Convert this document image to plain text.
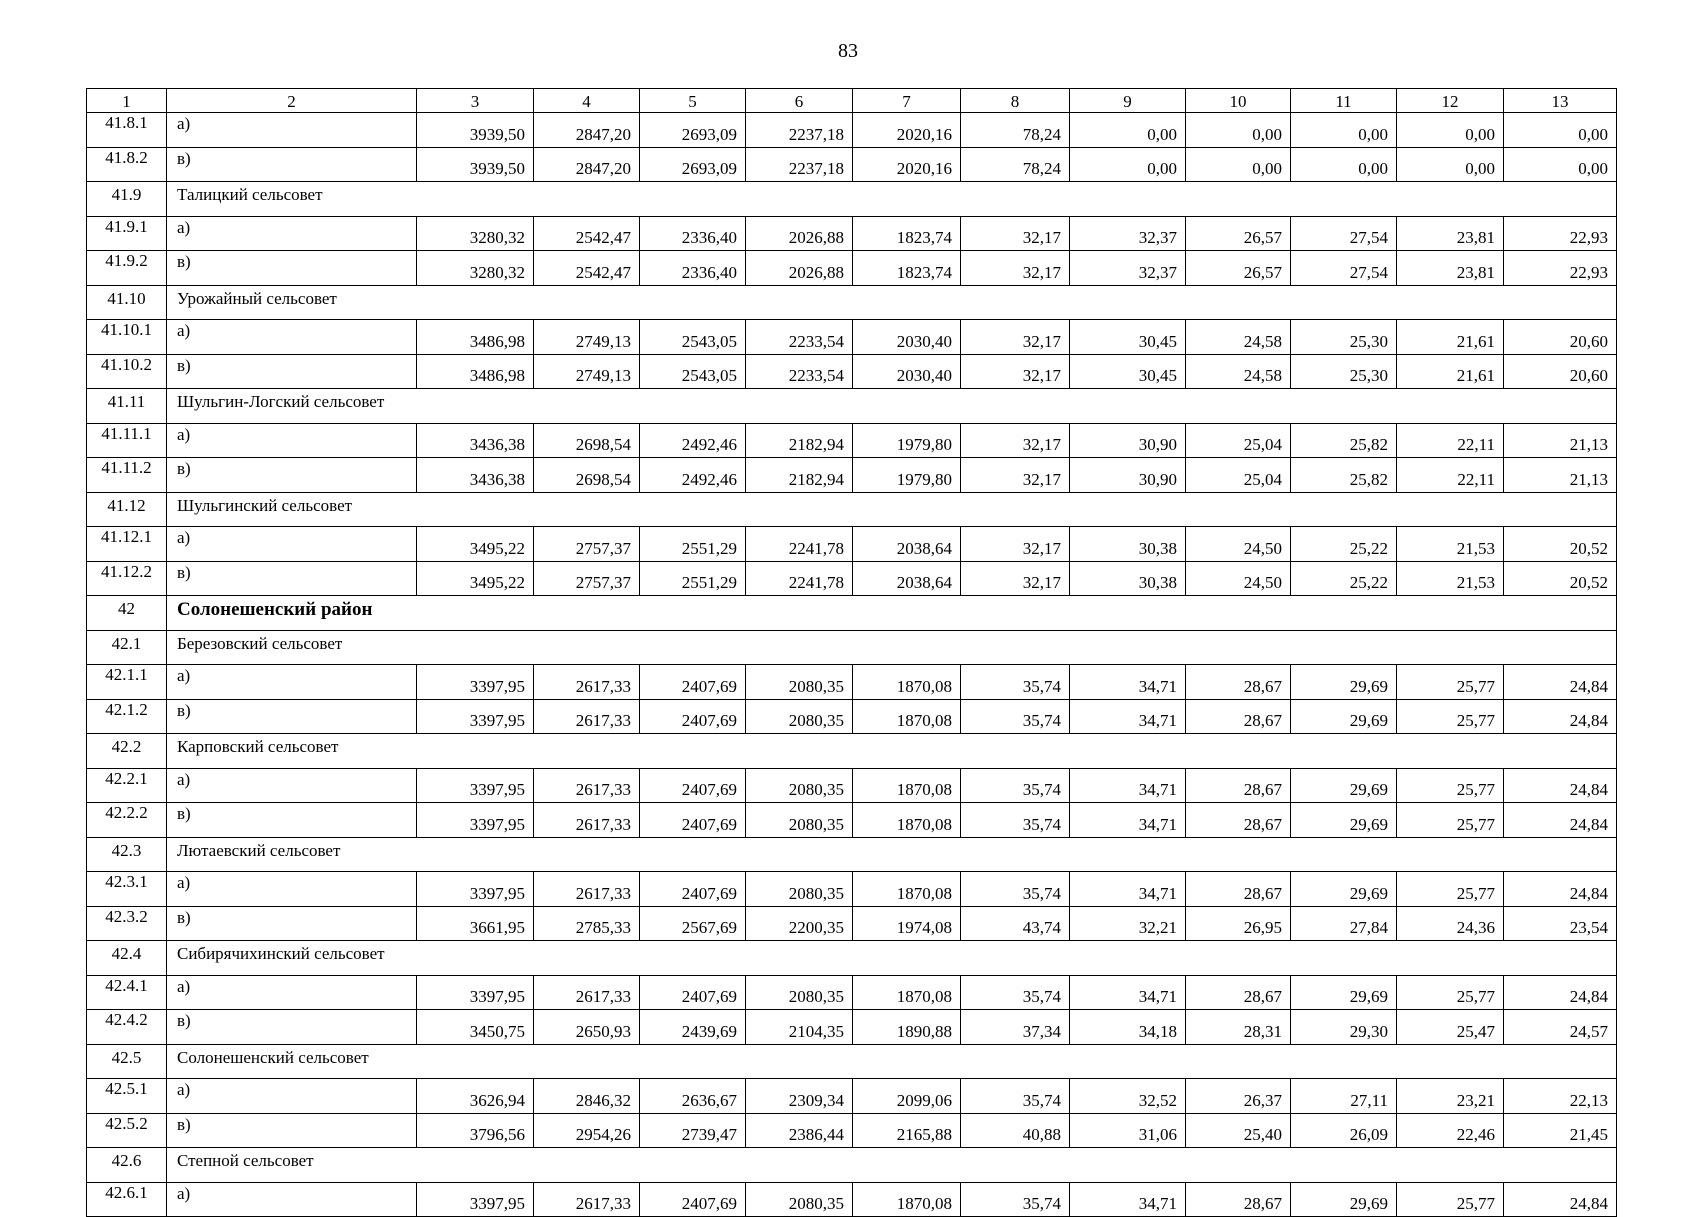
83
1	2	3	4	5	6	7	8	9	10	11	12	13
41.8.1	а)	3939,50	2847,20	2693,09	2237,18	2020,16	78,24	0,00	0,00	0,00	0,00	0,00
41.8.2	в)	3939,50	2847,20	2693,09	2237,18	2020,16	78,24	0,00	0,00	0,00	0,00	0,00
41.9	Талицкий сельсовет											
41.9.1	а)	3280,32	2542,47	2336,40	2026,88	1823,74	32,17	32,37	26,57	27,54	23,81	22,93
41.9.2	в)	3280,32	2542,47	2336,40	2026,88	1823,74	32,17	32,37	26,57	27,54	23,81	22,93
41.10	Урожайный сельсовет											
41.10.1	а)	3486,98	2749,13	2543,05	2233,54	2030,40	32,17	30,45	24,58	25,30	21,61	20,60
41.10.2	в)	3486,98	2749,13	2543,05	2233,54	2030,40	32,17	30,45	24,58	25,30	21,61	20,60
41.11	Шульгин-Логский сельсовет											
41.11.1	а)	3436,38	2698,54	2492,46	2182,94	1979,80	32,17	30,90	25,04	25,82	22,11	21,13
41.11.2	в)	3436,38	2698,54	2492,46	2182,94	1979,80	32,17	30,90	25,04	25,82	22,11	21,13
41.12	Шульгинский сельсовет											
41.12.1	а)	3495,22	2757,37	2551,29	2241,78	2038,64	32,17	30,38	24,50	25,22	21,53	20,52
41.12.2	в)	3495,22	2757,37	2551,29	2241,78	2038,64	32,17	30,38	24,50	25,22	21,53	20,52
42	Солонешенский район											
42.1	Березовский сельсовет											
42.1.1	а)	3397,95	2617,33	2407,69	2080,35	1870,08	35,74	34,71	28,67	29,69	25,77	24,84
42.1.2	в)	3397,95	2617,33	2407,69	2080,35	1870,08	35,74	34,71	28,67	29,69	25,77	24,84
42.2	Карповский сельсовет											
42.2.1	а)	3397,95	2617,33	2407,69	2080,35	1870,08	35,74	34,71	28,67	29,69	25,77	24,84
42.2.2	в)	3397,95	2617,33	2407,69	2080,35	1870,08	35,74	34,71	28,67	29,69	25,77	24,84
42.3	Лютаевский сельсовет											
42.3.1	а)	3397,95	2617,33	2407,69	2080,35	1870,08	35,74	34,71	28,67	29,69	25,77	24,84
42.3.2	в)	3661,95	2785,33	2567,69	2200,35	1974,08	43,74	32,21	26,95	27,84	24,36	23,54
42.4	Сибирячихинский сельсовет											
42.4.1	а)	3397,95	2617,33	2407,69	2080,35	1870,08	35,74	34,71	28,67	29,69	25,77	24,84
42.4.2	в)	3450,75	2650,93	2439,69	2104,35	1890,88	37,34	34,18	28,31	29,30	25,47	24,57
42.5	Солонешенский сельсовет											
42.5.1	а)	3626,94	2846,32	2636,67	2309,34	2099,06	35,74	32,52	26,37	27,11	23,21	22,13
42.5.2	в)	3796,56	2954,26	2739,47	2386,44	2165,88	40,88	31,06	25,40	26,09	22,46	21,45
42.6	Степной сельсовет											
42.6.1	а)	3397,95	2617,33	2407,69	2080,35	1870,08	35,74	34,71	28,67	29,69	25,77	24,84
